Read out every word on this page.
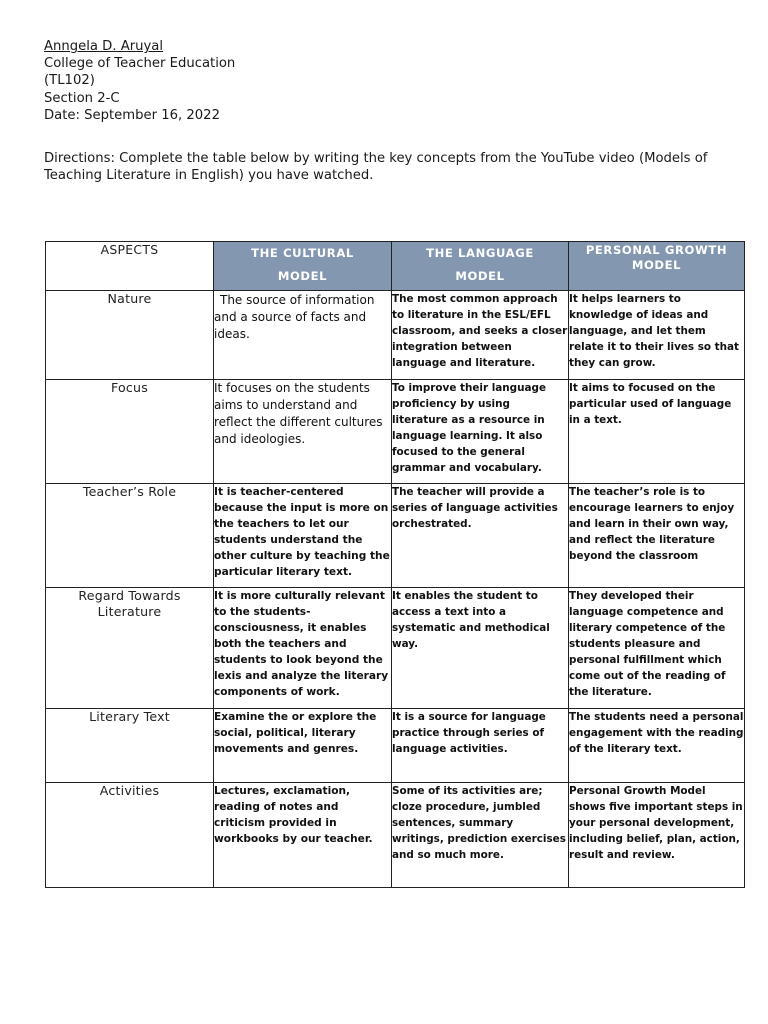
Anngela D. Aruyal
College of Teacher Education
(TL102)
Section 2-C
Date: September 16, 2022
Directions: Complete the table below by writing the key concepts from the YouTube video (Models of Teaching Literature in English) you have watched.
ASPECTS	THE CULTURAL MODEL	THE LANGUAGE MODEL	PERSONAL GROWTH MODEL

Nature	The source of information and a source of facts and ideas.	The most common approach to literature in the ESL/EFL classroom, and seeks a closer integration between language and literature.	It helps learners to knowledge of ideas and language, and let them relate it to their lives so that they can grow.
Focus	It focuses on the students aims to understand and reflect the different cultures and ideologies.	To improve their language proficiency by using literature as a resource in language learning. It also focused to the general grammar and vocabulary.	It aims to focused on the particular used of language in a text.
Teacher’s Role	It is teacher-centered because the input is more on the teachers to let our students understand the other culture by teaching the particular literary text.	The teacher will provide a series of language activities orchestrated.	The teacher’s role is to encourage learners to enjoy and learn in their own way, and reflect the literature beyond the classroom
Regard Towards Literature	It is more culturally relevant to the students-consciousness, it enables both the teachers and students to look beyond the lexis and analyze the literary components of work.	It enables the student to access a text into a systematic and methodical way.	They developed their language competence and literary competence of the students pleasure and personal fulfillment which come out of the reading of the literature.
Literary Text	Examine the or explore the social, political, literary movements and genres.	It is a source for language practice through series of language activities.	The students need a personal engagement with the reading of the literary text.
Activities	Lectures, exclamation, reading of notes and criticism provided in workbooks by our teacher.	Some of its activities are; cloze procedure, jumbled sentences, summary writings, prediction exercises and so much more.	Personal Growth Model shows five important steps in your personal development, including belief, plan, action, result and review.
